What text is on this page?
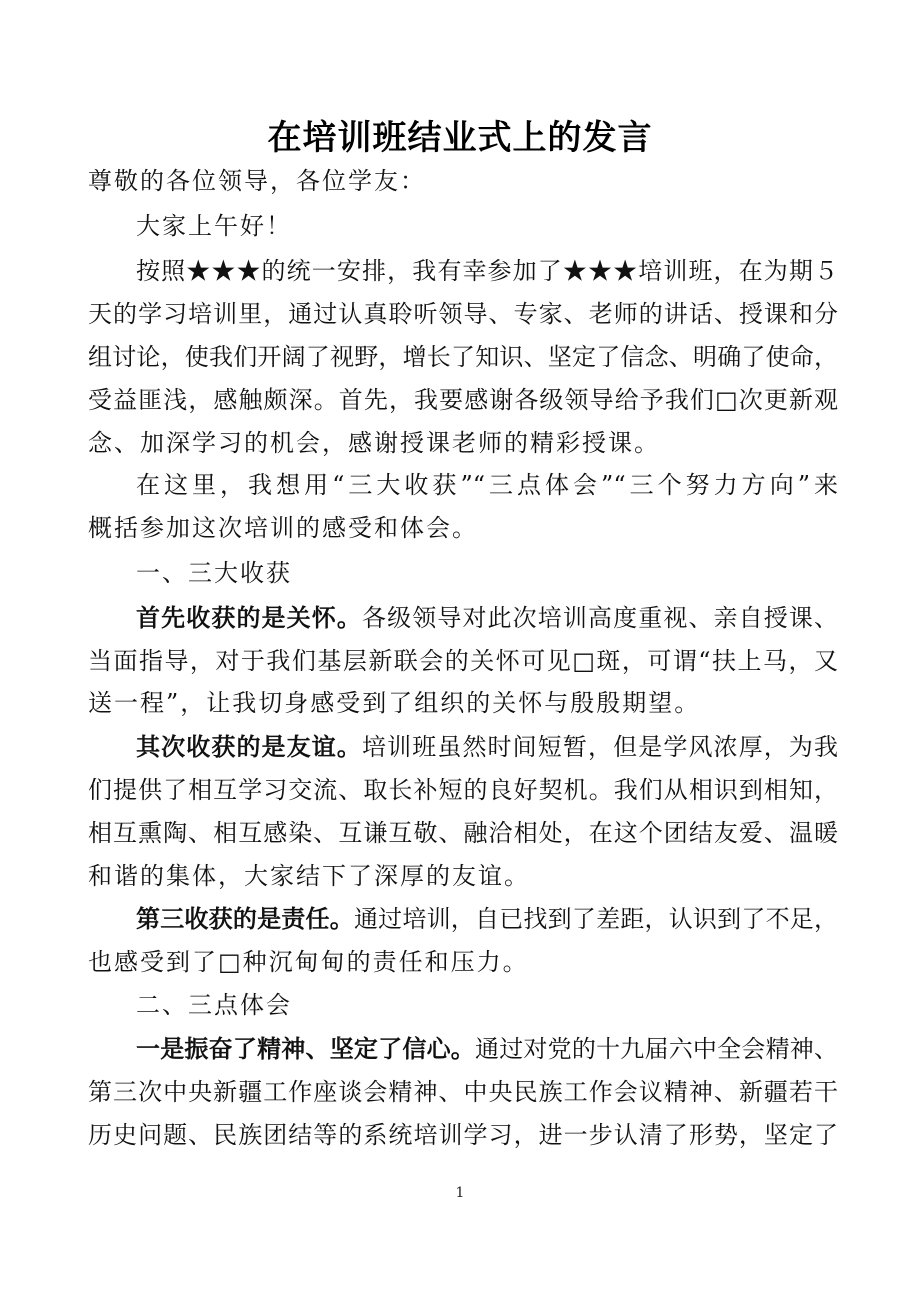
在培训班结业式上的发言
尊敬的各位领导，各位学友：
大家上午好！
按照★★★的统一安排，我有幸参加了★★★培训班，在为期５
天的学习培训里，通过认真聆听领导、专家、老师的讲话、授课和分
组讨论，使我们开阔了视野，增长了知识、坚定了信念、明确了使命，
受益匪浅，感触颇深。首先，我要感谢各级领导给予我们□次更新观
念、加深学习的机会，感谢授课老师的精彩授课。
在这里，我想用“三大收获”“三点体会”“三个努力方向”来
概括参加这次培训的感受和体会。
一、三大收获
首先收获的是关怀。各级领导对此次培训高度重视、亲自授课、
当面指导，对于我们基层新联会的关怀可见□斑，可谓“扶上马，又
送一程”，让我切身感受到了组织的关怀与殷殷期望。
其次收获的是友谊。培训班虽然时间短暂，但是学风浓厚，为我
们提供了相互学习交流、取长补短的良好契机。我们从相识到相知，
相互熏陶、相互感染、互谦互敬、融洽相处，在这个团结友爱、温暖
和谐的集体，大家结下了深厚的友谊。
第三收获的是责任。通过培训，自已找到了差距，认识到了不足，
也感受到了□种沉甸甸的责任和压力。
二、三点体会
一是振奋了精神、坚定了信心。通过对党的十九届六中全会精神、
第三次中央新疆工作座谈会精神、中央民族工作会议精神、新疆若干
历史问题、民族团结等的系统培训学习，进一步认清了形势，坚定了
1
